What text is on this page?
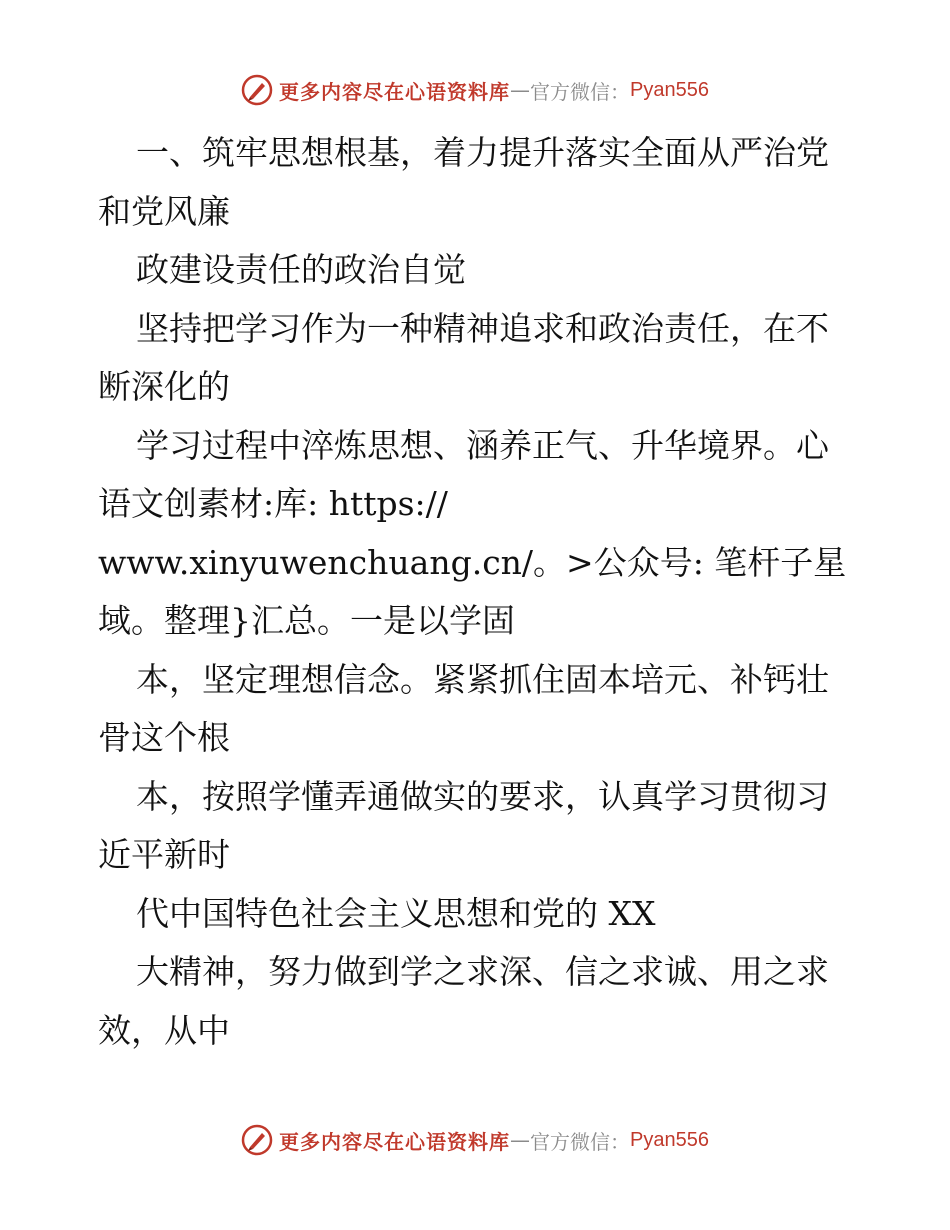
更多内容尽在心语资料库 — 官方微信： Pyan556
一、筑牢思想根基，着力提升落实全面从严治党
和党风廉
政建设责任的政治自觉
坚持把学习作为一种精神追求和政治责任，在不
断深化的
学习过程中淬炼思想、涵养正气、升华境界。心
语文创素材:库: https://
www.xinyuwenchuang.cn/。>公众号: 笔杆子星
域。整理}汇总。一是以学固
本，坚定理想信念。紧紧抓住固本培元、补钙壮
骨这个根
本，按照学懂弄通做实的要求，认真学习贯彻习
近平新时
代中国特色社会主义思想和党的 XX
大精神，努力做到学之求深、信之求诚、用之求
效，从中
更多内容尽在心语资料库 — 官方微信： Pyan556
